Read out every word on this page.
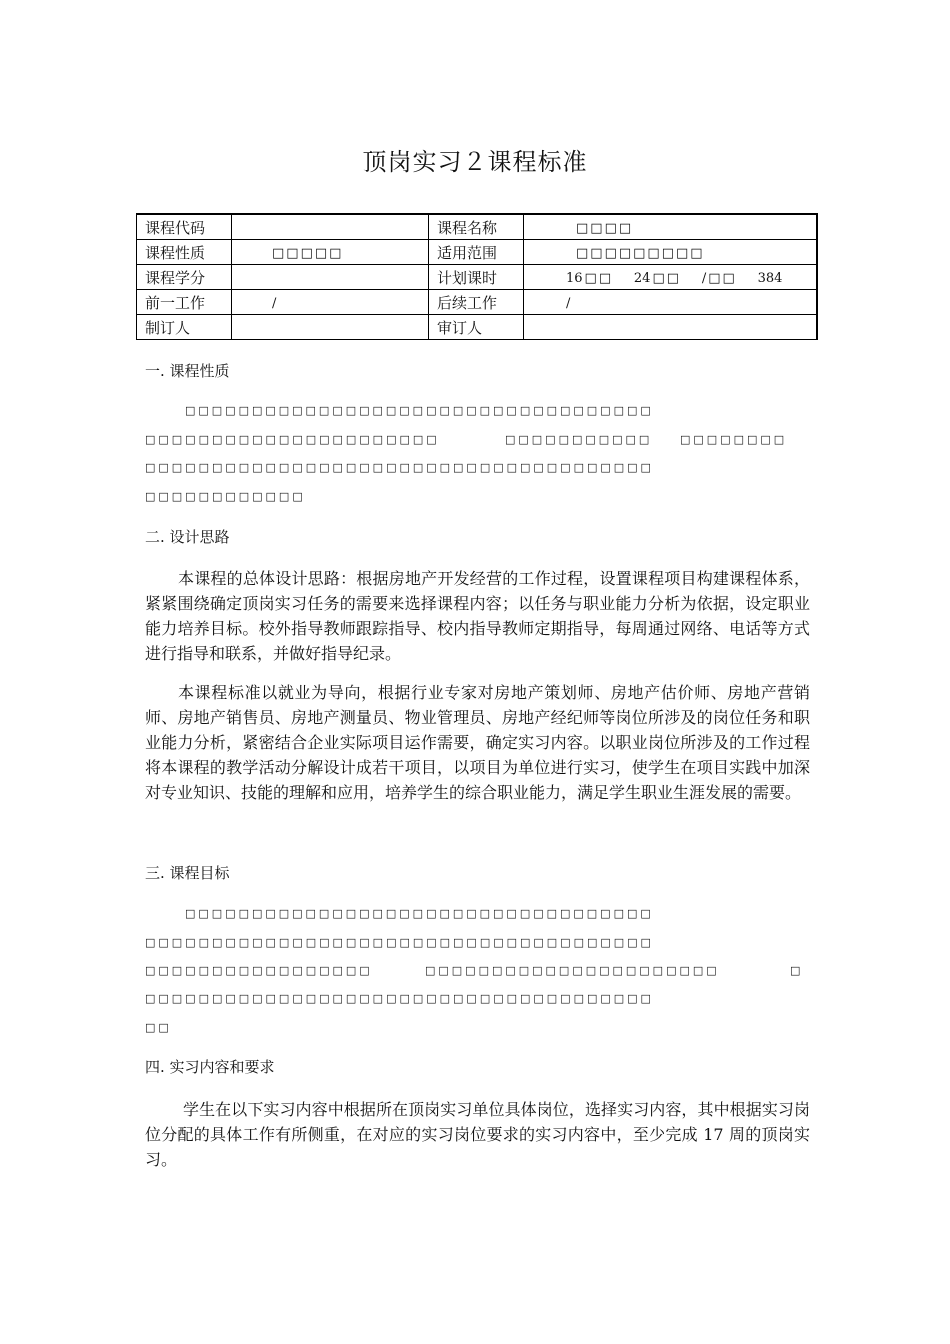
顶岗实习２课程标准
课程代码		课程名称	□□□□
课程性质	□□□□□	适用范围	□□□□□□□□□
课程学分		计划课时	16 □□ 24 □□ / □□ 384
前一工作	/	后续工作	/
制订人		审订人	
一. 课程性质
□□□□□□□□□□□□□□□□□□□□□□□□□□□□□□□□□□□
□□□□□□□□□□□□□□□□□□□□□□	□□□□□□□□□□□	□□□□□□□□
□□□□□□□□□□□□□□□□□□□□□□□□□□□□□□□□□□□□□□
□□□□□□□□□□□□
二. 设计思路
本课程的总体设计思路：根据房地产开发经营的工作过程，设置课程项目构建课程体系，紧紧围绕确定顶岗实习任务的需要来选择课程内容；以任务与职业能力分析为依据，设定职业能力培养目标。校外指导教师跟踪指导、校内指导教师定期指导，每周通过网络、电话等方式进行指导和联系，并做好指导纪录。
本课程标准以就业为导向，根据行业专家对房地产策划师、房地产估价师、房地产营销师、房地产销售员、房地产测量员、物业管理员、房地产经纪师等岗位所涉及的岗位任务和职业能力分析，紧密结合企业实际项目运作需要，确定实习内容。以职业岗位所涉及的工作过程将本课程的教学活动分解设计成若干项目，以项目为单位进行实习，使学生在项目实践中加深对专业知识、技能的理解和应用，培养学生的综合职业能力，满足学生职业生涯发展的需要。
三. 课程目标
□□□□□□□□□□□□□□□□□□□□□□□□□□□□□□□□□□□
□□□□□□□□□□□□□□□□□□□□□□□□□□□□□□□□□□□□□□
□□□□□□□□□□□□□□□□□	□□□□□□□□□□□□□□□□□□□□□□	□
□□□□□□□□□□□□□□□□□□□□□□□□□□□□□□□□□□□□□□
□□
四. 实习内容和要求
学生在以下实习内容中根据所在顶岗实习单位具体岗位，选择实习内容，其中根据实习岗位分配的具体工作有所侧重，在对应的实习岗位要求的实习内容中，至少完成 17 周的顶岗实习。
